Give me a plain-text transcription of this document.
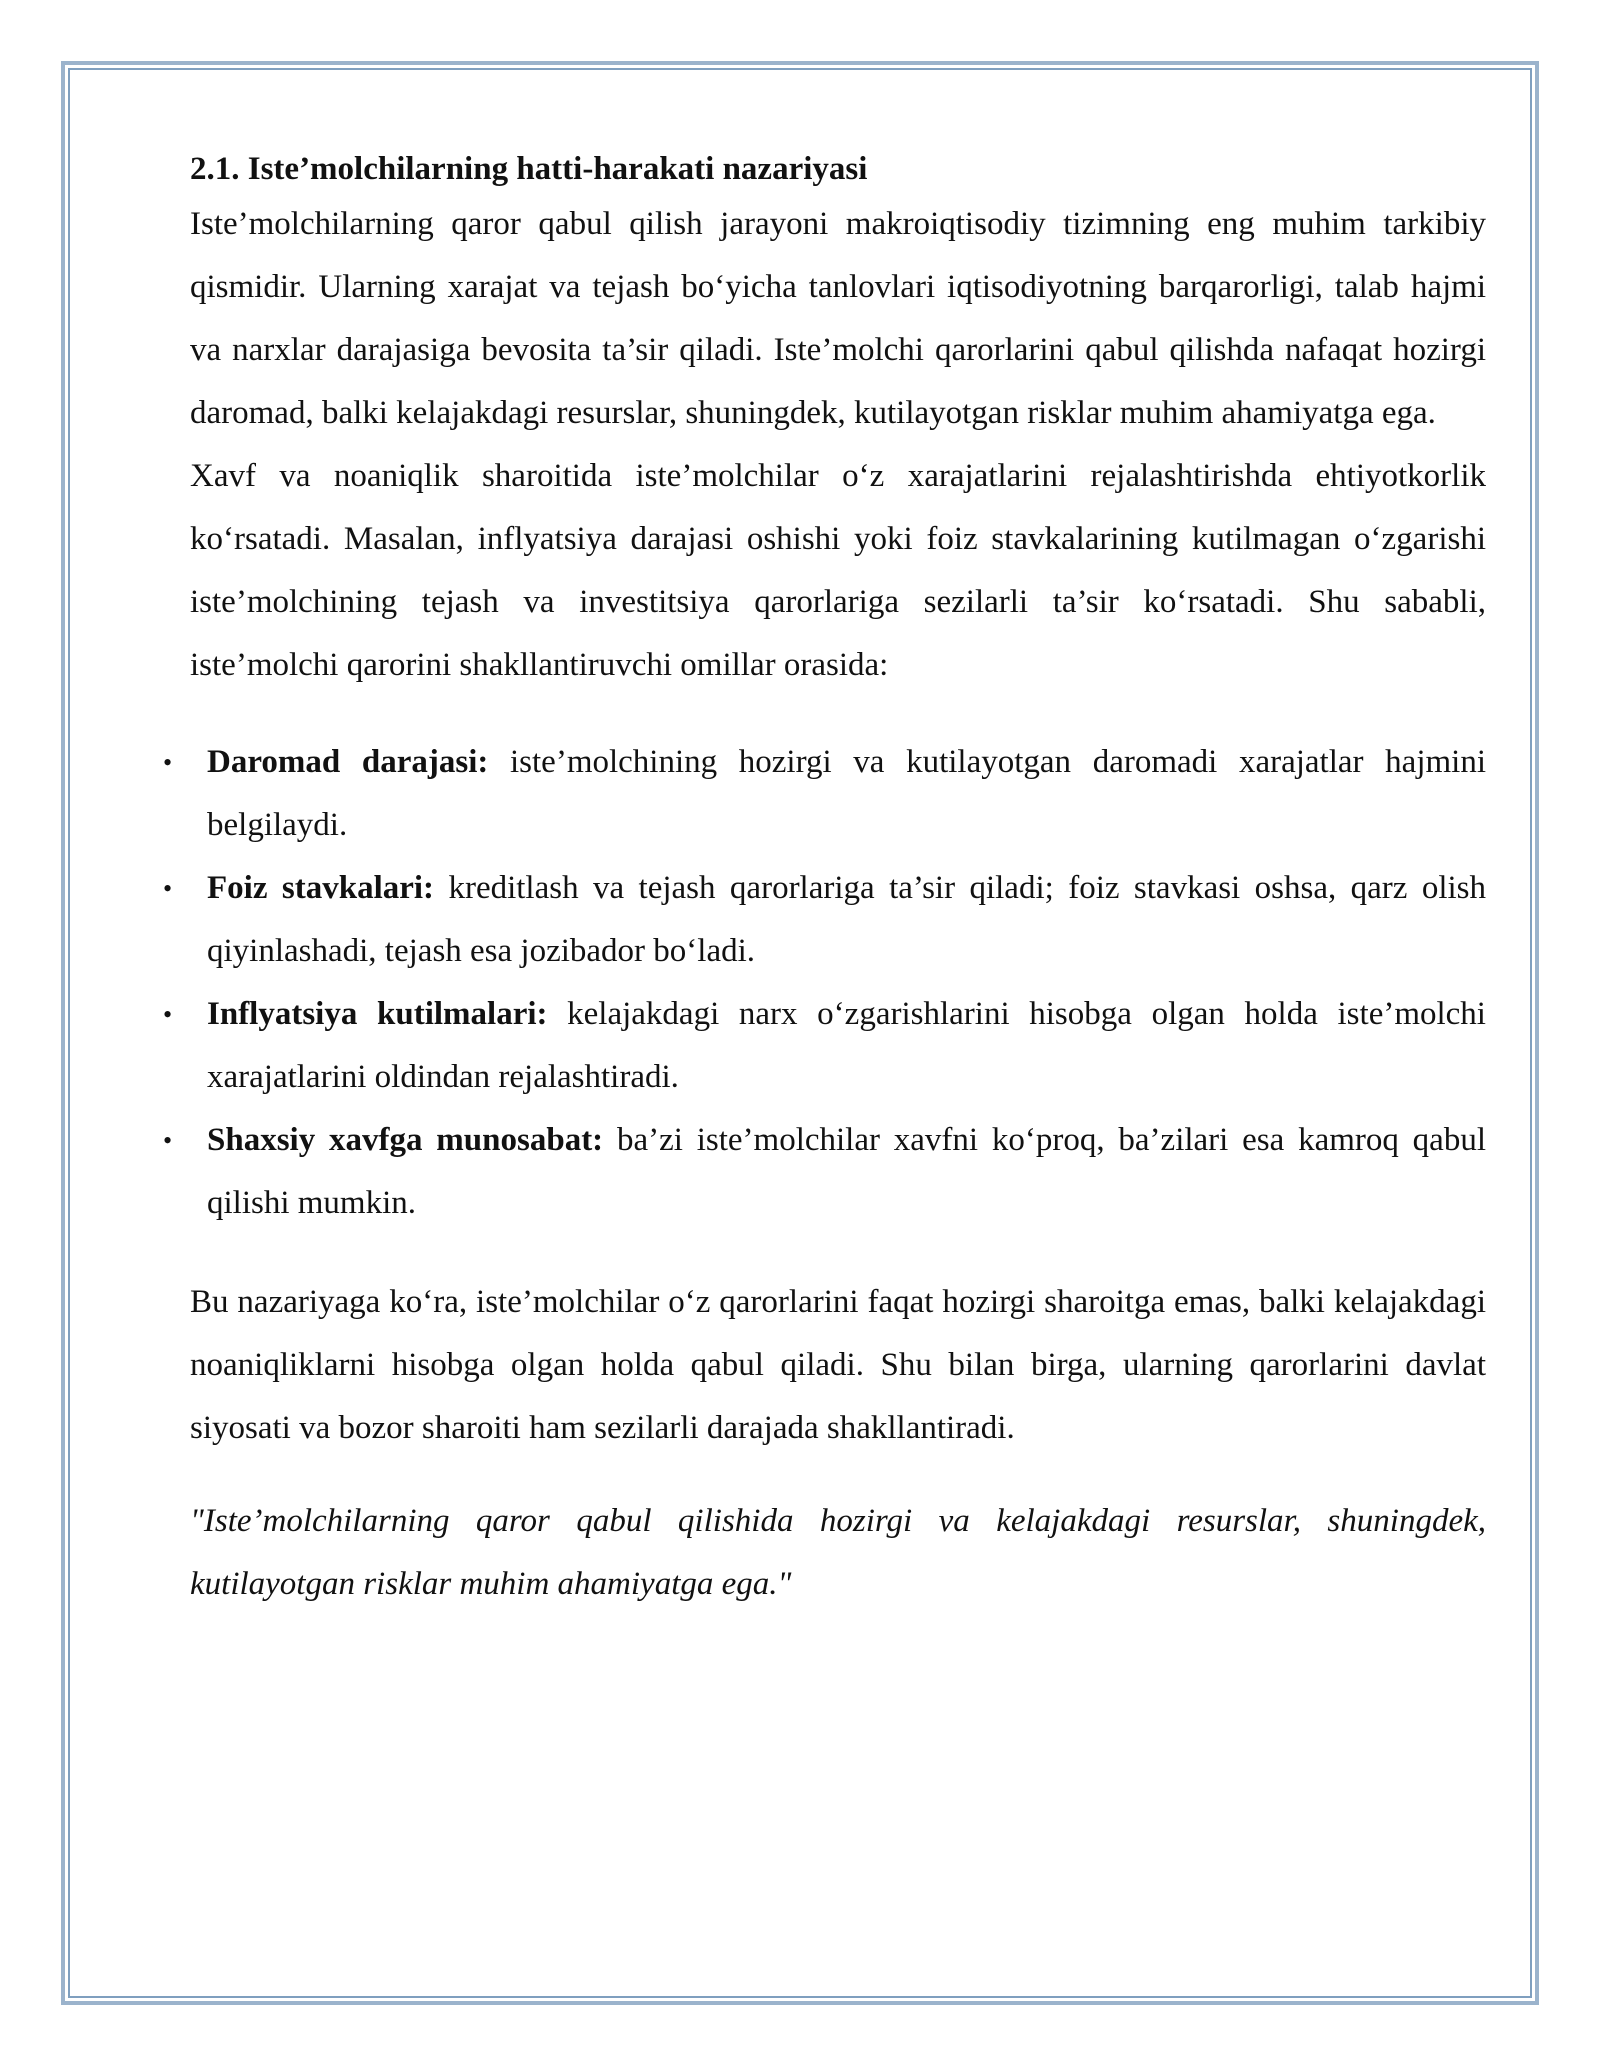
2.1. Iste’molchilarning hatti-harakati nazariyasi

Iste’molchilarning qaror qabul qilish jarayoni makroiqtisodiy tizimning eng muhim tarkibiy qismidir. Ularning xarajat va tejash bo‘yicha tanlovlari iqtisodiyotning barqarorligi, talab hajmi va narxlar darajasiga bevosita ta’sir qiladi. Iste’molchi qarorlarini qabul qilishda nafaqat hozirgi daromad, balki kelajakdagi resurslar, shuningdek, kutilayotgan risklar muhim ahamiyatga ega.

Xavf va noaniqlik sharoitida iste’molchilar o‘z xarajatlarini rejalashtirishda ehtiyotkorlik ko‘rsatadi. Masalan, inflyatsiya darajasi oshishi yoki foiz stavkalarining kutilmagan o‘zgarishi iste’molchining tejash va investitsiya qarorlariga sezilarli ta’sir ko‘rsatadi. Shu sababli, iste’molchi qarorini shakllantiruvchi omillar orasida:

• Daromad darajasi: iste’molchining hozirgi va kutilayotgan daromadi xarajatlar hajmini belgilaydi.
• Foiz stavkalari: kreditlash va tejash qarorlariga ta’sir qiladi; foiz stavkasi oshsa, qarz olish qiyinlashadi, tejash esa jozibador bo‘ladi.
• Inflyatsiya kutilmalari: kelajakdagi narx o‘zgarishlarini hisobga olgan holda iste’molchi xarajatlarini oldindan rejalashtiradi.
• Shaxsiy xavfga munosabat: ba’zi iste’molchilar xavfni ko‘proq, ba’zilari esa kamroq qabul qilishi mumkin.

Bu nazariyaga ko‘ra, iste’molchilar o‘z qarorlarini faqat hozirgi sharoitga emas, balki kelajakdagi noaniqliklarni hisobga olgan holda qabul qiladi. Shu bilan birga, ularning qarorlarini davlat siyosati va bozor sharoiti ham sezilarli darajada shakllantiradi.

"Iste’molchilarning qaror qabul qilishida hozirgi va kelajakdagi resurslar, shuningdek, kutilayotgan risklar muhim ahamiyatga ega."
